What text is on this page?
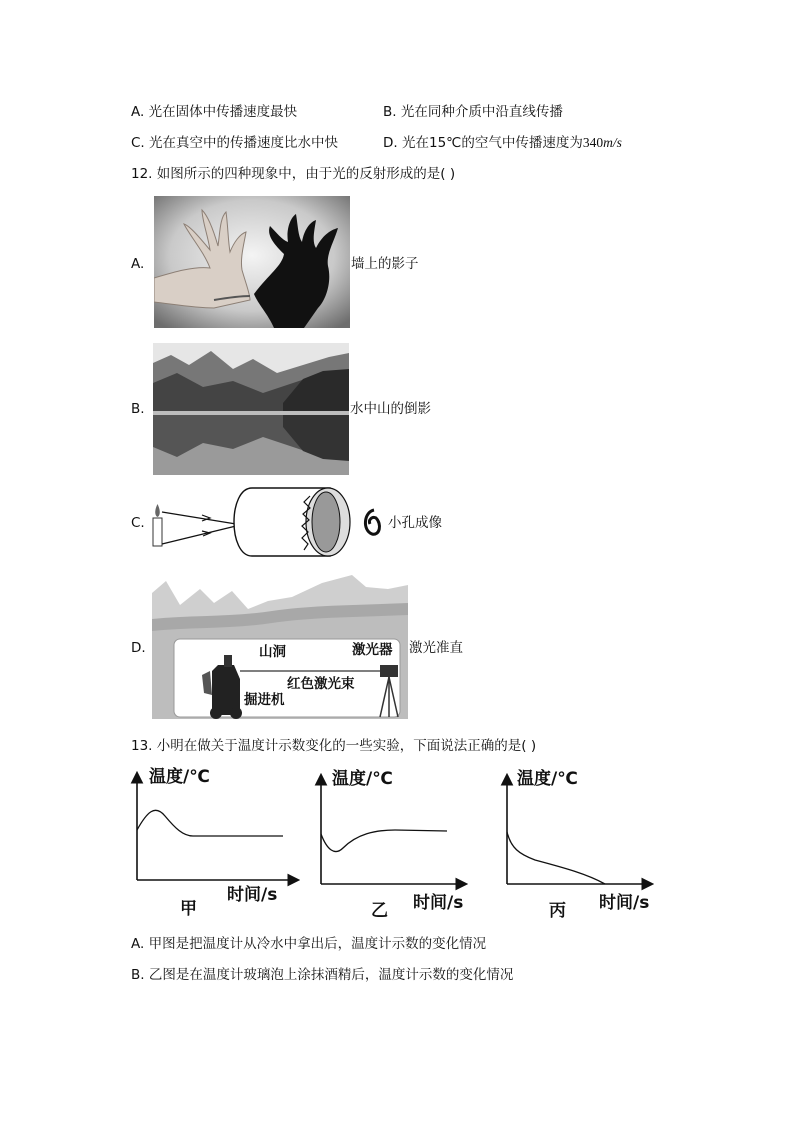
A. 光在固体中传播速度最快	B. 光在同种介质中沿直线传播
C. 光在真空中的传播速度比水中快	D. 光在15℃的空气中传播速度为340m/s
12. 如图所示的四种现象中，由于光的反射形成的是( )
A.	墙上的影子
B.	水中山的倒影
C.	小孔成像
D.	山洞	激光器
红色激光束
掘进机
激光准直
13. 小明在做关于温度计示数变化的一些实验，下面说法正确的是( )
温度/℃
时间/s
甲
温度/℃
时间/s
乙
温度/℃
时间/s
丙
A. 甲图是把温度计从冷水中拿出后，温度计示数的变化情况
B. 乙图是在温度计玻璃泡上涂抹酒精后，温度计示数的变化情况
